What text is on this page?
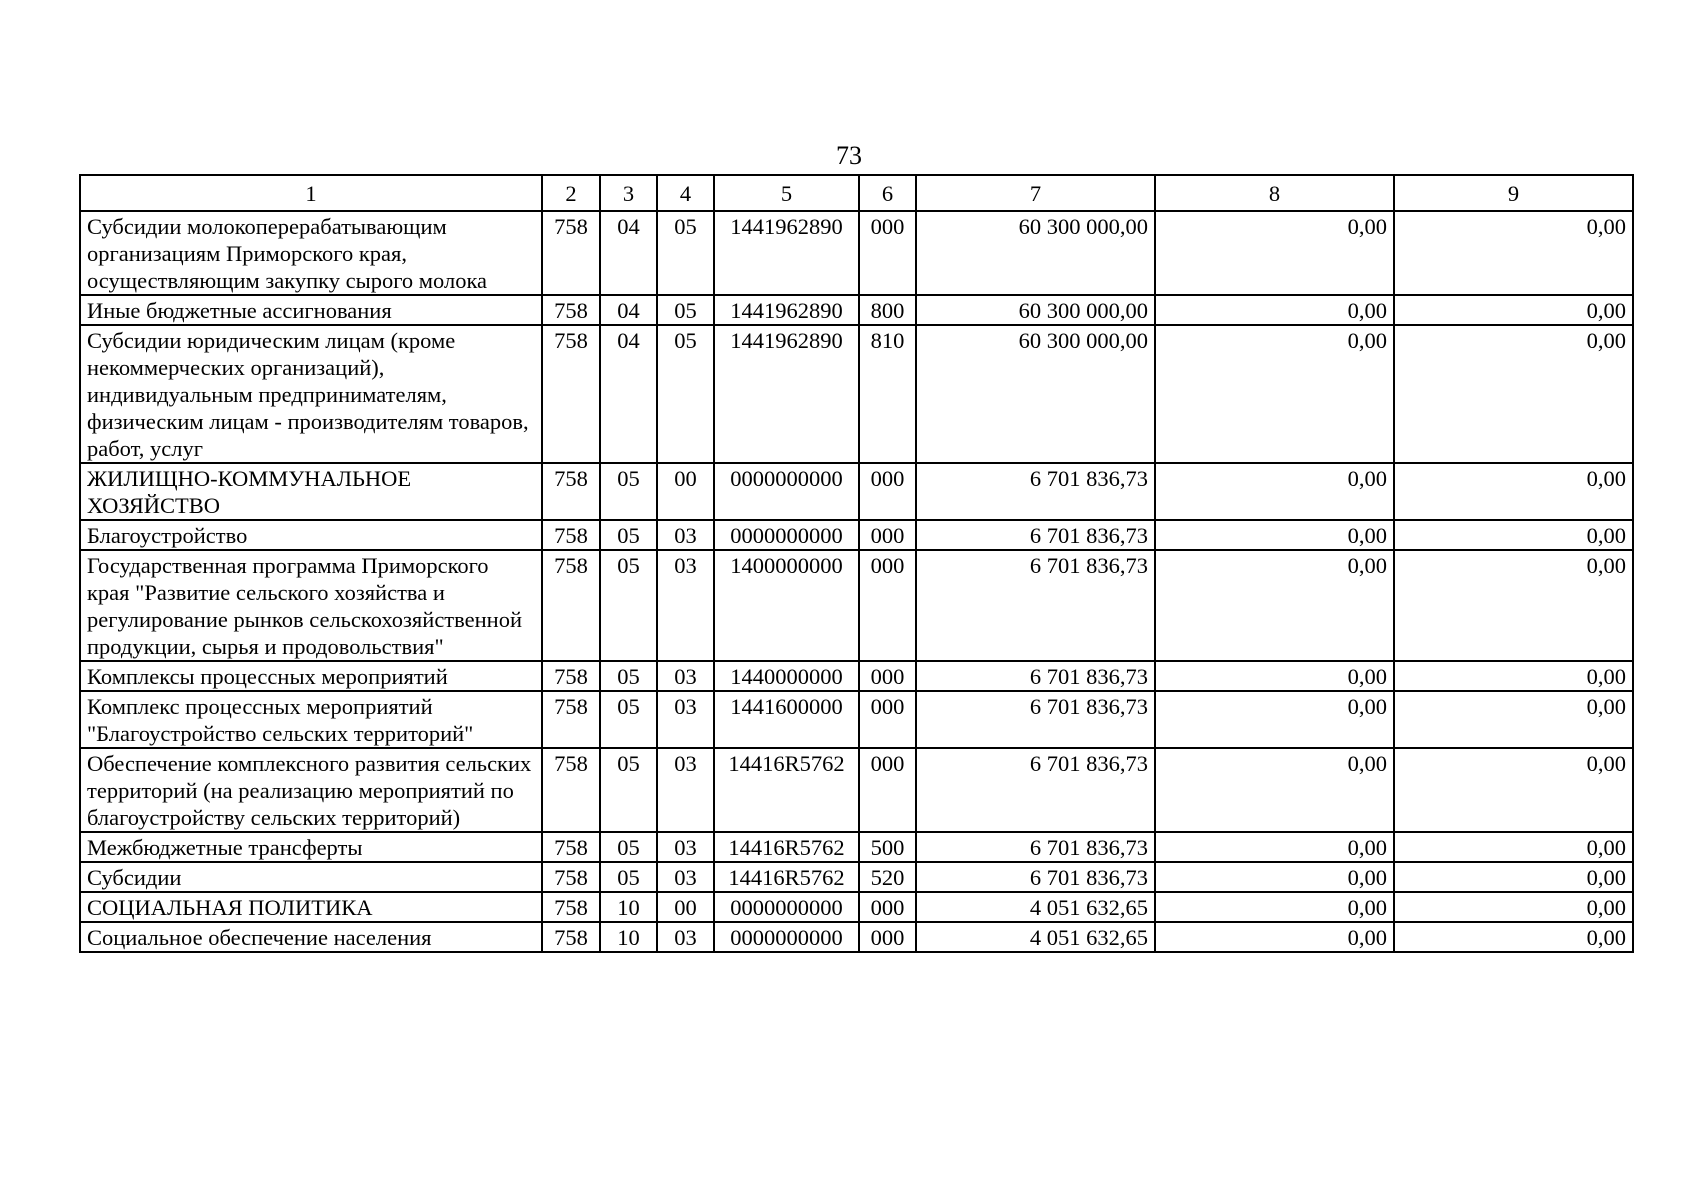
73
1	2	3	4	5	6	7	8	9
Субсидии молокоперерабатывающим организациям Приморского края, осуществляющим закупку сырого молока	758	04	05	1441962890	000	60 300 000,00	0,00	0,00
Иные бюджетные ассигнования	758	04	05	1441962890	800	60 300 000,00	0,00	0,00
Субсидии юридическим лицам (кроме некоммерческих организаций), индивидуальным предпринимателям, физическим лицам - производителям товаров, работ, услуг	758	04	05	1441962890	810	60 300 000,00	0,00	0,00
ЖИЛИЩНО-КОММУНАЛЬНОЕ ХОЗЯЙСТВО	758	05	00	0000000000	000	6 701 836,73	0,00	0,00
Благоустройство	758	05	03	0000000000	000	6 701 836,73	0,00	0,00
Государственная программа Приморского края "Развитие сельского хозяйства и регулирование рынков сельскохозяйственной продукции, сырья и продовольствия"	758	05	03	1400000000	000	6 701 836,73	0,00	0,00
Комплексы процессных мероприятий	758	05	03	1440000000	000	6 701 836,73	0,00	0,00
Комплекс процессных мероприятий "Благоустройство сельских территорий"	758	05	03	1441600000	000	6 701 836,73	0,00	0,00
Обеспечение комплексного развития сельских территорий (на реализацию мероприятий по благоустройству сельских территорий)	758	05	03	14416R5762	000	6 701 836,73	0,00	0,00
Межбюджетные трансферты	758	05	03	14416R5762	500	6 701 836,73	0,00	0,00
Субсидии	758	05	03	14416R5762	520	6 701 836,73	0,00	0,00
СОЦИАЛЬНАЯ ПОЛИТИКА	758	10	00	0000000000	000	4 051 632,65	0,00	0,00
Социальное обеспечение населения	758	10	03	0000000000	000	4 051 632,65	0,00	0,00
